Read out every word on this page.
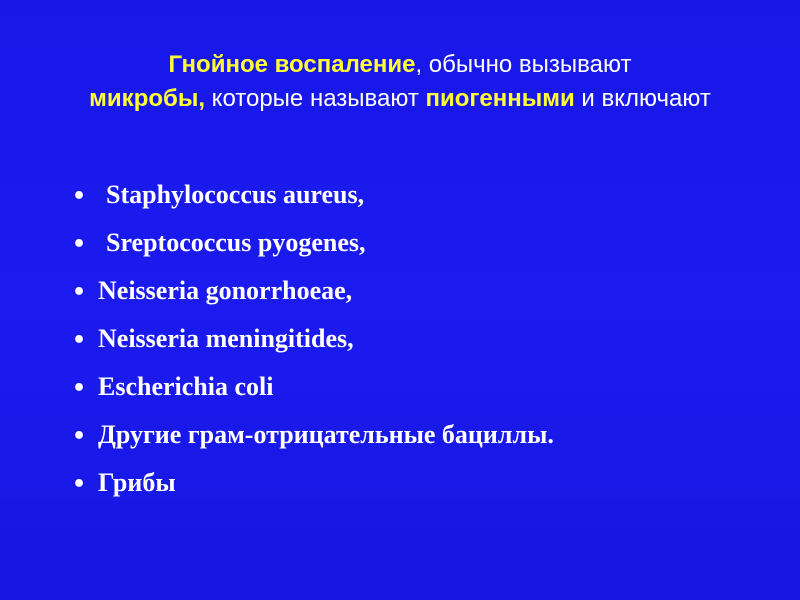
Гнойное воспаление, обычно вызывают
микробы, которые называют пиогенными и включают
• Staphylococcus aureus,
• Sreptococcus pyogenes,
• Neisseria gonorrhoeae,
• Neisseria meningitides,
• Escherichia coli
• Другие грам-отрицательные бациллы.
• Грибы
